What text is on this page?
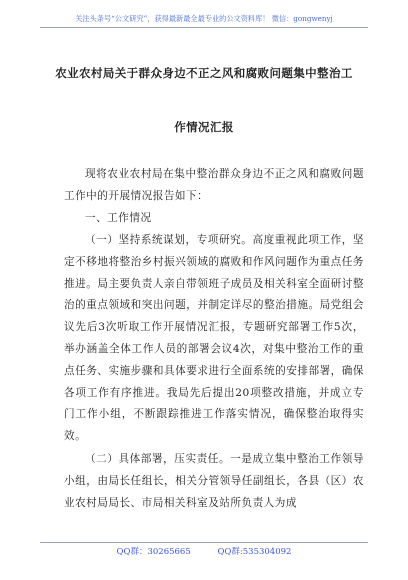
关注头条号“公文研究”，获得最新最全最专业的公文资料库！ 微信：gongwenyj
农业农村局关于群众身边不正之风和腐败问题集中整治工
作情况汇报

现将农业农村局在集中整治群众身边不正之风和腐败问题工作中的开展情况报告如下：

一、工作情况

（一）坚持系统谋划，专项研究。高度重视此项工作，坚定不移地将整治乡村振兴领域的腐败和作风问题作为重点任务推进。局主要负责人亲自带领班子成员及相关科室全面研讨整治的重点领域和突出问题，并制定详尽的整治措施。局党组会议先后3次听取工作开展情况汇报，专题研究部署工作5次，举办涵盖全体工作人员的部署会议4次，对集中整治工作的重点任务、实施步骤和具体要求进行全面系统的安排部署，确保各项工作有序推进。我局先后提出20项整改措施，并成立专门工作小组，不断跟踪推进工作落实情况，确保整治取得实效。

（二）具体部署，压实责任。一是成立集中整治工作领导小组，由局长任组长，相关分管领导任副组长，各县（区）农业农村局局长、市局相关科室及站所负责人为成

QQ群：30265665	QQ群:535304092
